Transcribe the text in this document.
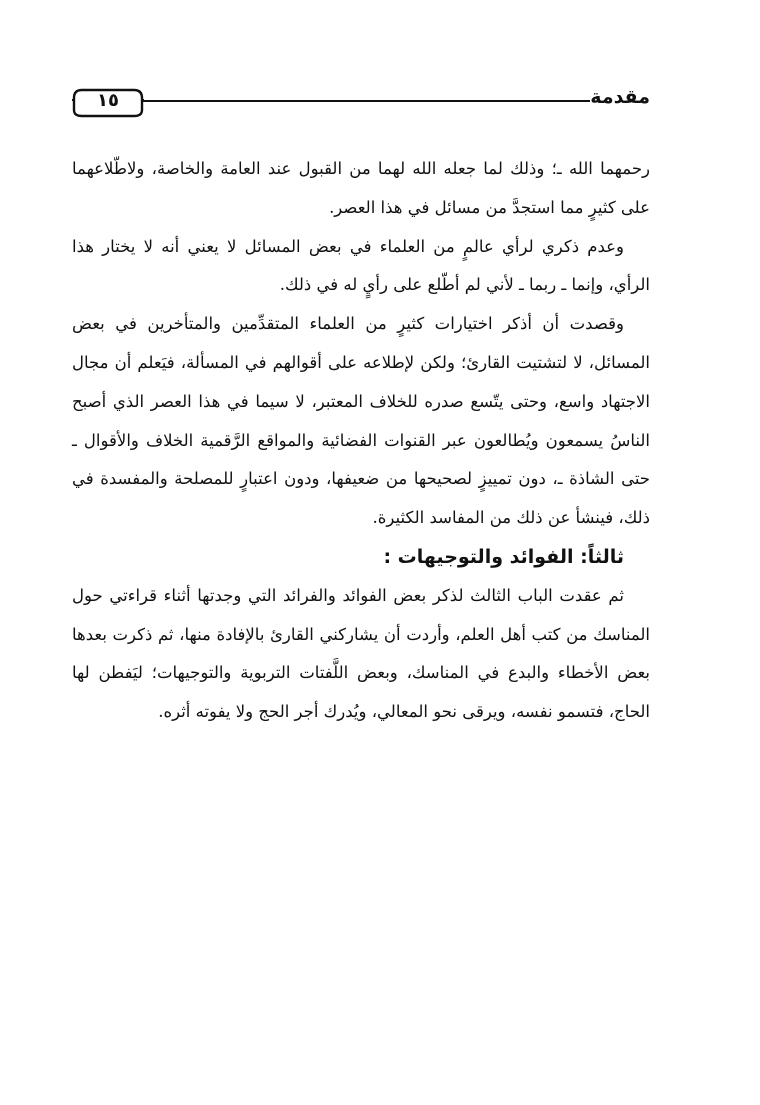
مقدمة
١٥

رحمهما الله ـ؛ وذلك لما جعله الله لهما من القبول عند العامة والخاصة، ولاطّلاعهما على كثيرٍ مما استجدَّ من مسائل في هذا العصر.

وعدم ذكري لرأي عالمٍ من العلماء في بعض المسائل لا يعني أنه لا يختار هذا الرأي، وإنما ـ ربما ـ لأني لم أطّلع على رأيٍ له في ذلك.

وقصدت أن أذكر اختيارات كثيرٍ من العلماء المتقدِّمين والمتأخرين في بعض المسائل، لا لتشتيت القارئ؛ ولكن لإطلاعه على أقوالهم في المسألة، فيَعلم أن مجال الاجتهاد واسع، وحتى يتّسع صدره للخلاف المعتبر، لا سيما في هذا العصر الذي أصبح الناسُ يسمعون ويُطالعون عبر القنوات الفضائية والمواقع الرَّقمية الخلاف والأقوال ـ حتى الشاذة ـ، دون تمييزٍ لصحيحها من ضعيفها، ودون اعتبارٍ للمصلحة والمفسدة في ذلك، فينشأ عن ذلك من المفاسد الكثيرة.

ثالثاً: الفوائد والتوجيهات :

ثم عقدت الباب الثالث لذكر بعض الفوائد والفرائد التي وجدتها أثناء قراءتي حول المناسك من كتب أهل العلم، وأردت أن يشاركني القارئ بالإفادة منها، ثم ذكرت بعدها بعض الأخطاء والبدع في المناسك، وبعض اللَّفتات التربوية والتوجيهات؛ ليَفطن لها الحاج، فتسمو نفسه، ويرقى نحو المعالي، ويُدرك أجر الحج ولا يفوته أثره.
